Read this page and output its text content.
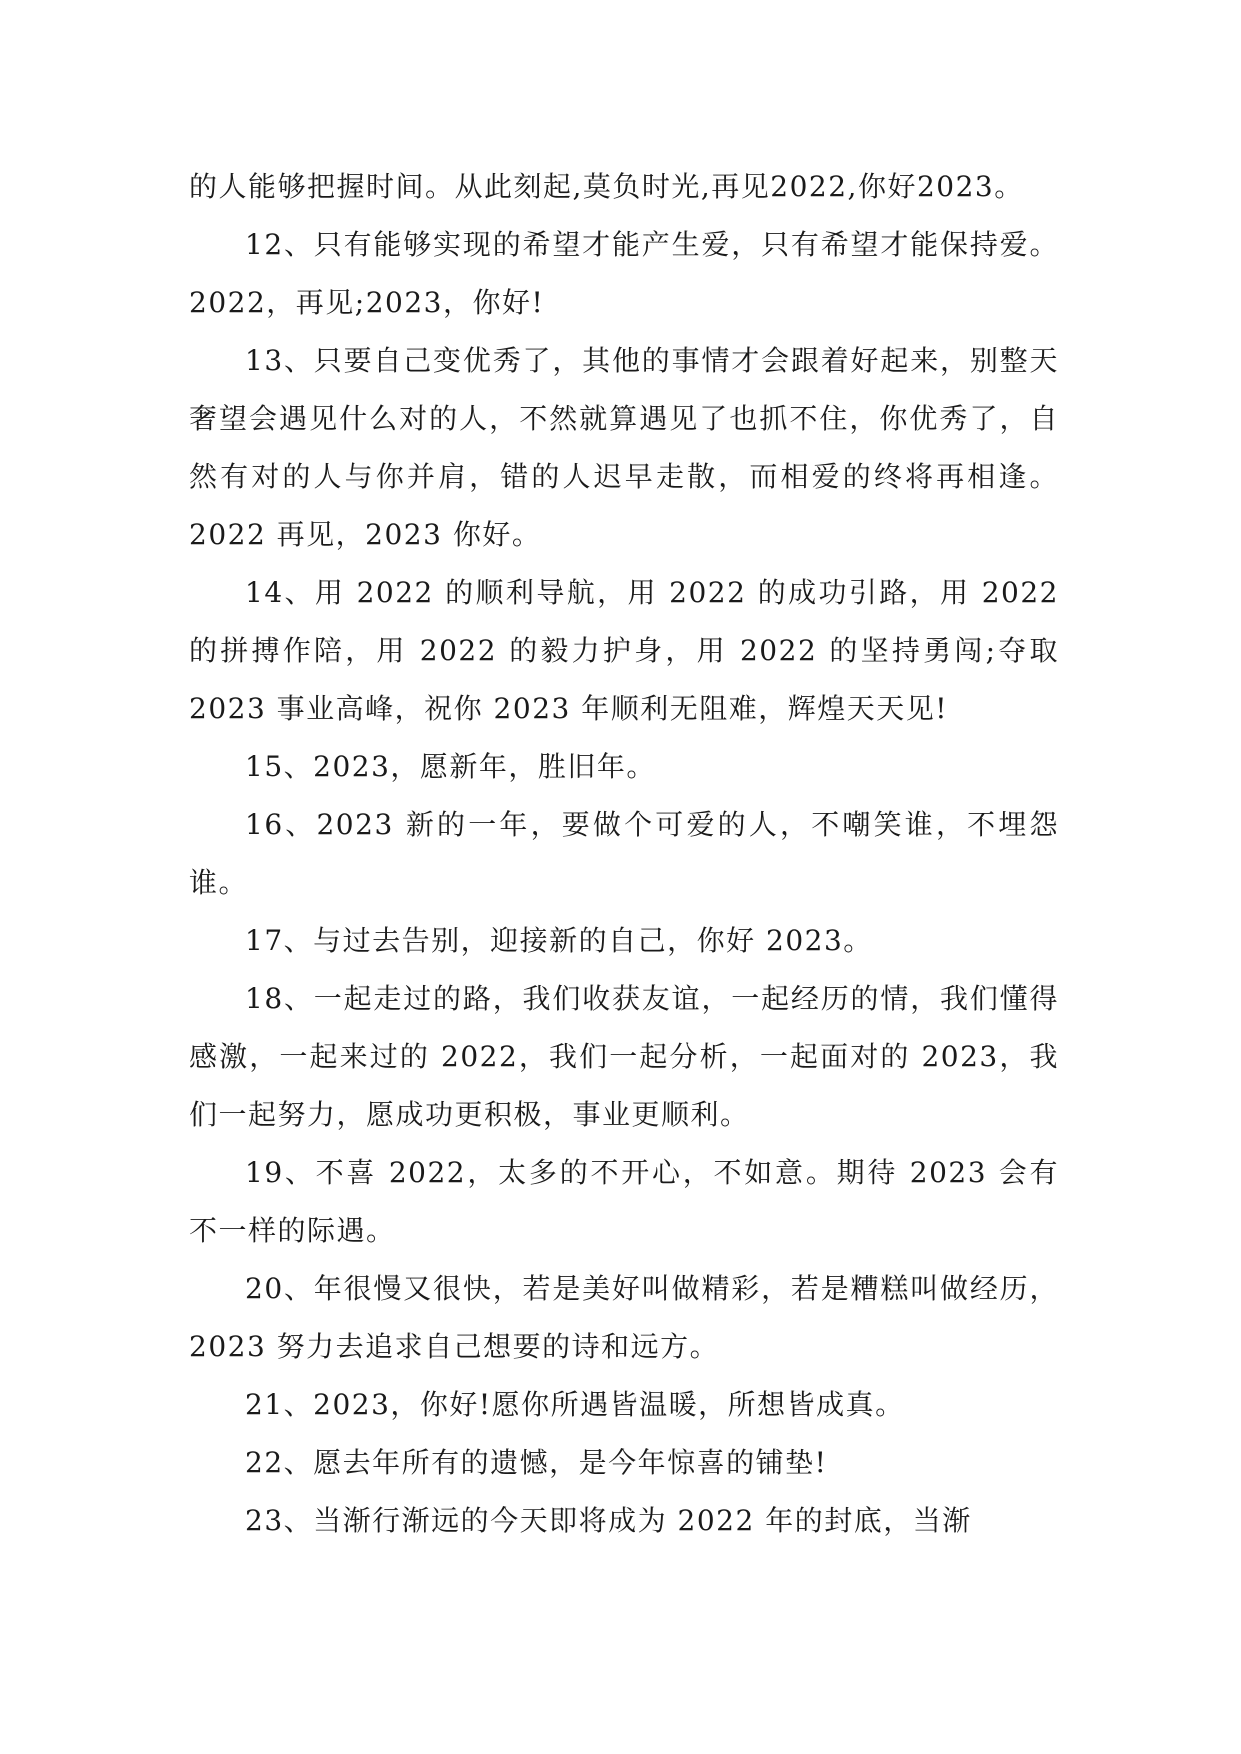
的人能够把握时间。从此刻起,莫负时光,再见2022,你好2023。

12、只有能够实现的希望才能产生爱，只有希望才能保持爱。2022，再见;2023，你好!

13、只要自己变优秀了，其他的事情才会跟着好起来，别整天奢望会遇见什么对的人，不然就算遇见了也抓不住，你优秀了，自然有对的人与你并肩，错的人迟早走散，而相爱的终将再相逢。2022 再见，2023 你好。

14、用 2022 的顺利导航，用 2022 的成功引路，用 2022 的拼搏作陪，用 2022 的毅力护身，用 2022 的坚持勇闯;夺取 2023 事业高峰，祝你 2023 年顺利无阻难，辉煌天天见!

15、2023，愿新年，胜旧年。

16、2023 新的一年，要做个可爱的人，不嘲笑谁，不埋怨谁。

17、与过去告别，迎接新的自己，你好 2023。

18、一起走过的路，我们收获友谊，一起经历的情，我们懂得感激，一起来过的 2022，我们一起分析，一起面对的 2023，我们一起努力，愿成功更积极，事业更顺利。

19、不喜 2022，太多的不开心，不如意。期待 2023 会有不一样的际遇。

20、年很慢又很快，若是美好叫做精彩，若是糟糕叫做经历，2023 努力去追求自己想要的诗和远方。

21、2023，你好!愿你所遇皆温暖，所想皆成真。

22、愿去年所有的遗憾，是今年惊喜的铺垫!

23、当渐行渐远的今天即将成为 2022 年的封底，当渐
